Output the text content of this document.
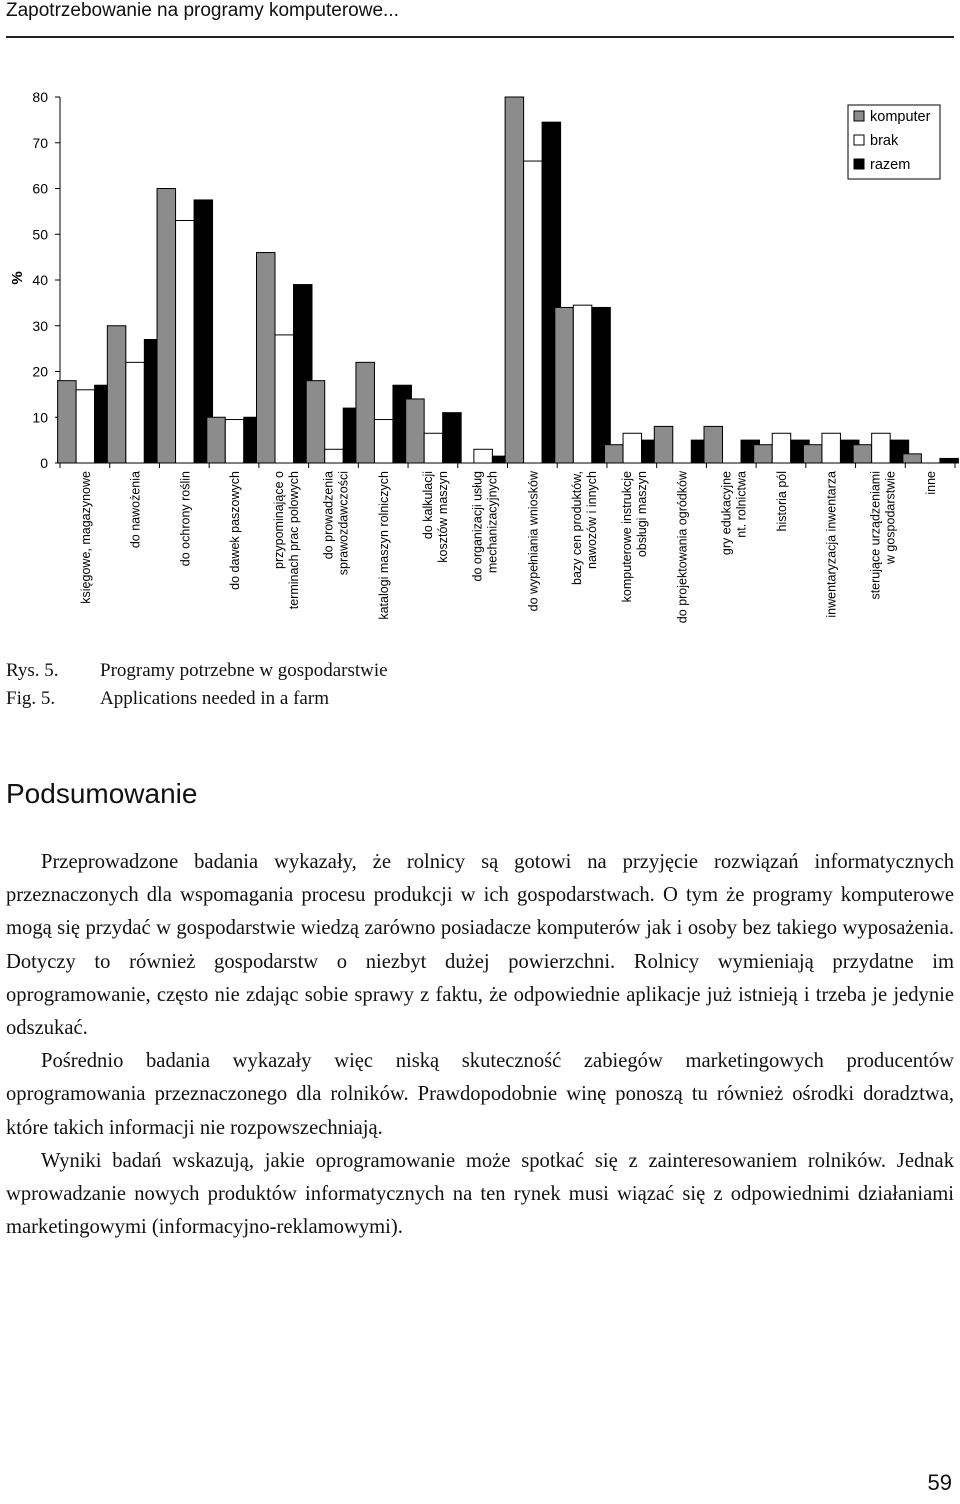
Zapotrzebowanie na programy komputerowe...
0
10
20
30
40
50
60
70
80
%
księgowe, magazynowe	do nawożenia	do ochrony roślin	do dawek paszowych przypominające oterminach prac polowych do prowadzeniasprawozdawczości katalogi maszyn rolniczych do kalkulacjikosztów maszyn do organizacji usługmechanizacyjnych do wypełniania wniosków bazy cen produktów,nawozów i innych komputerowe instrukcjeobsługi maszyn do projektowania ogródków gry edukacyjnent. rolnictwa historia pól	inwentaryzacja inwentarza sterujące urządzeniamiw gospodarstwie inne
komputer
brak
razem
Rys. 5. Programy potrzebne w gospodarstwie
Fig. 5. Applications needed in a farm
Podsumowanie

Przeprowadzone badania wykazały, że rolnicy są gotowi na przyjęcie rozwiązań informatycznych przeznaczonych dla wspomagania procesu produkcji w ich gospodarstwach. O tym że programy komputerowe mogą się przydać w gospodarstwie wiedzą zarówno posiadacze komputerów jak i osoby bez takiego wyposażenia. Dotyczy to również gospodarstw o niezbyt dużej powierzchni. Rolnicy wymieniają przydatne im oprogramowanie, często nie zdając sobie sprawy z faktu, że odpowiednie aplikacje już istnieją i trzeba je jedynie odszukać.

Pośrednio badania wykazały więc niską skuteczność zabiegów marketingowych producentów oprogramowania przeznaczonego dla rolników. Prawdopodobnie winę ponoszą tu również ośrodki doradztwa, które takich informacji nie rozpowszechniają.

Wyniki badań wskazują, jakie oprogramowanie może spotkać się z zainteresowaniem rolników. Jednak wprowadzanie nowych produktów informatycznych na ten rynek musi wiązać się z odpowiednimi działaniami marketingowymi (informacyjno-reklamowymi).

59
